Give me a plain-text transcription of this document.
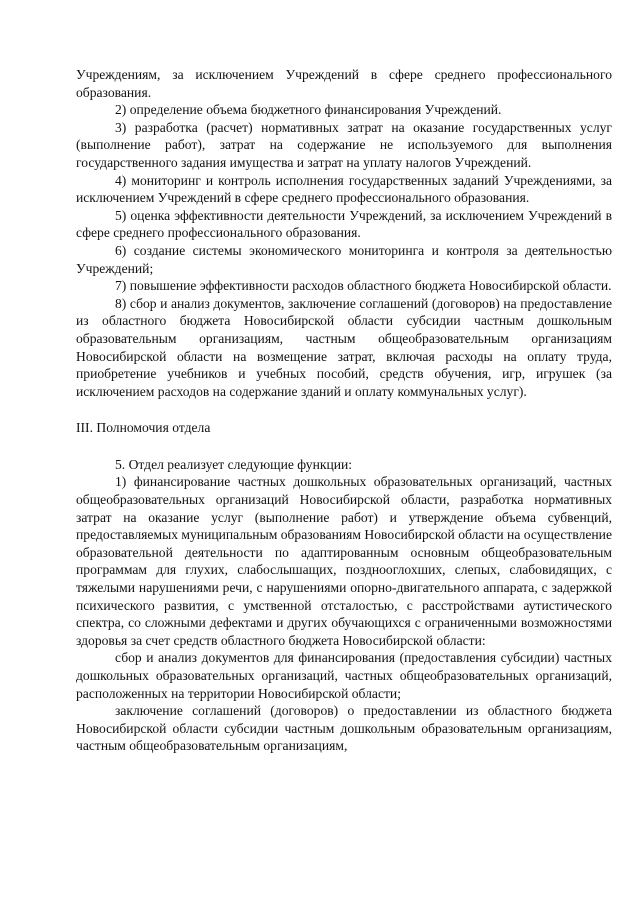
Учреждениям, за исключением Учреждений в сфере среднего профессионального образования.

2) определение объема бюджетного финансирования Учреждений.

3) разработка (расчет) нормативных затрат на оказание государственных услуг (выполнение работ), затрат на содержание не используемого для выполнения государственного задания имущества и затрат на уплату налогов Учреждений.

4) мониторинг и контроль исполнения государственных заданий Учреждениями, за исключением Учреждений в сфере среднего профессионального образования.

5) оценка эффективности деятельности Учреждений, за исключением Учреждений в сфере среднего профессионального образования.

6) создание системы экономического мониторинга и контроля за деятельностью Учреждений;

7) повышение эффективности расходов областного бюджета Новосибирской области.

8) сбор и анализ документов, заключение соглашений (договоров) на предоставление из областного бюджета Новосибирской области субсидии частным дошкольным образовательным организациям, частным общеобразовательным организациям Новосибирской области на возмещение затрат, включая расходы на оплату труда, приобретение учебников и учебных пособий, средств обучения, игр, игрушек (за исключением расходов на содержание зданий и оплату коммунальных услуг).

III. Полномочия отдела

5. Отдел реализует следующие функции:

1) финансирование частных дошкольных образовательных организаций, частных общеобразовательных организаций Новосибирской области, разработка нормативных затрат на оказание услуг (выполнение работ) и утверждение объема субвенций, предоставляемых муниципальным образованиям Новосибирской области на осуществление образовательной деятельности по адаптированным основным общеобразовательным программам для глухих, слабослышащих, позднооглохших, слепых, слабовидящих, с тяжелыми нарушениями речи, с нарушениями опорно-двигательного аппарата, с задержкой психического развития, с умственной отсталостью, с расстройствами аутистического спектра, со сложными дефектами и других обучающихся с ограниченными возможностями здоровья за счет средств областного бюджета Новосибирской области:

сбор и анализ документов для финансирования (предоставления субсидии) частных дошкольных образовательных организаций, частных общеобразовательных организаций, расположенных на территории Новосибирской области;

заключение соглашений (договоров) о предоставлении из областного бюджета Новосибирской области субсидии частным дошкольным образовательным организациям, частным общеобразовательным организациям,
